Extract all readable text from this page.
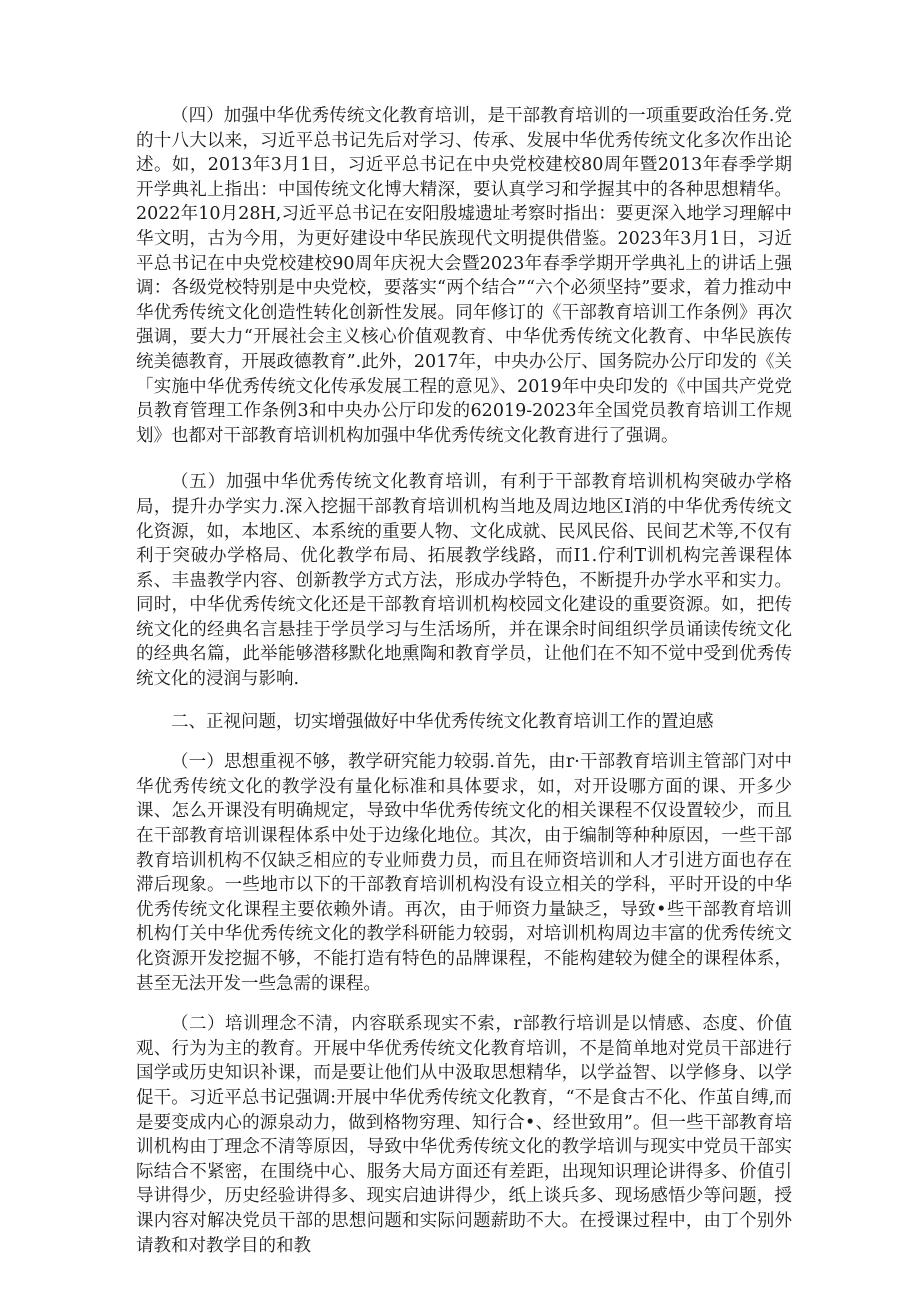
（四）加强中华优秀传统文化教育培训，是干部教育培训的一项重要政治任务.党的十八大以来，习近平总书记先后对学习、传承、发展中华优秀传统文化多次作出论述。如，2013年3月1日，习近平总书记在中央党校建校80周年暨2013年春季学期开学典礼上指出：中国传统文化博大精深，要认真学习和学握其中的各种思想精华。2022年10月28H,习近平总书记在安阳殷墟遗址考察时指出：要更深入地学习理解中华文明，古为今用，为更好建设中华民族现代文明提供借鉴。2023年3月1日，习近平总书记在中央党校建校90周年庆祝大会暨2023年春季学期开学典礼上的讲话上强调：各级党校特别是中央党校，要落实“两个结合”“六个必须坚持”要求，着力推动中华优秀传统文化创造性转化创新性发展。同年修订的《干部教育培训工作条例》再次强调，要大力“开展社会主义核心价值观教育、中华优秀传统文化教育、中华民族传统美德教育，开展政德教育”.此外，2017年，中央办公厅、国务院办公厅印发的《关「实施中华优秀传统文化传承发展工程的意见》、2019年中央印发的《中国共产党党员教育管理工作条例3和中央办公厅印发的62019-2023年全国党员教育培训工作规划》也都对干部教育培训机构加强中华优秀传统文化教育进行了强调。

（五）加强中华优秀传统文化教育培训，有利于干部教育培训机构突破办学格局，提升办学实力.深入挖掘干部教育培训机构当地及周边地区I消的中华优秀传统文化资源，如，本地区、本系统的重要人物、文化成就、民风民俗、民间艺术等,不仅有利于突破办学格局、优化教学布局、拓展教学线路，而I1.佇利T训机构完善课程体系、丰蛊教学内容、创新教学方式方法，形成办学特色，不断提升办学水平和实力。同时，中华优秀传统文化还是干部教育培训机构校园文化建设的重要资源。如，把传统文化的经典名言悬挂于学员学习与生活场所，并在课余时间组织学员诵读传统文化的经典名篇，此举能够潜移默化地熏陶和教育学员，让他们在不知不觉中受到优秀传统文化的浸润与影响.

二、正视问题，切实增强做好中华优秀传统文化教育培训工作的置迫感

（一）思想重视不够，教学研究能力较弱.首先，由r·干部教育培训主管部门对中华优秀传统文化的教学没有量化标准和具体要求，如，对开设哪方面的课、开多少课、怎么开课没有明确规定，导致中华优秀传统文化的相关课程不仅设置较少，而且在干部教育培训课程体系中处于边缘化地位。其次，由于编制等种种原因，一些干部教育培训机构不仅缺乏相应的专业师费力员，而且在师资培训和人才引进方面也存在滞后现象。一些地市以下的干部教育培训机构没有设立相关的学科，平时开设的中华优秀传统文化课程主要依赖外请。再次，由于师资力量缺乏，导致•些干部教育培训机构仃关中华优秀传统文化的教学科研能力较弱，对培训机构周边丰富的优秀传统文化资源开发挖掘不够，不能打造有特色的品牌课程，不能构建较为健全的课程体系，甚至无法开发一些急需的课程。

（二）培训理念不清，内容联系现实不索，r部教行培训是以情感、态度、价值观、行为为主的教育。开展中华优秀传统文化教育培训，不是简单地对党员干部进行国学或历史知识补课，而是要让他们从中汲取思想精华，以学益智、以学修身、以学促干。习近平总书记强调:开展中华优秀传统文化教育，“不是食古不化、作茧自缚,而是要变成内心的源泉动力，做到格物穷理、知行合•、经世致用”。但一些干部教育培训机构由丁理念不清等原因，导致中华优秀传统文化的教学培训与现实中党员干部实际结合不紧密，在围绕中心、服务大局方面还有差距，出现知识理论讲得多、价值引导讲得少，历史经验讲得多、现实启迪讲得少，纸上谈兵多、现场感悟少等问题，授课内容对解决党员干部的思想问题和实际问题薪助不大。在授课过程中，由丁个别外请教和对教学目的和教
